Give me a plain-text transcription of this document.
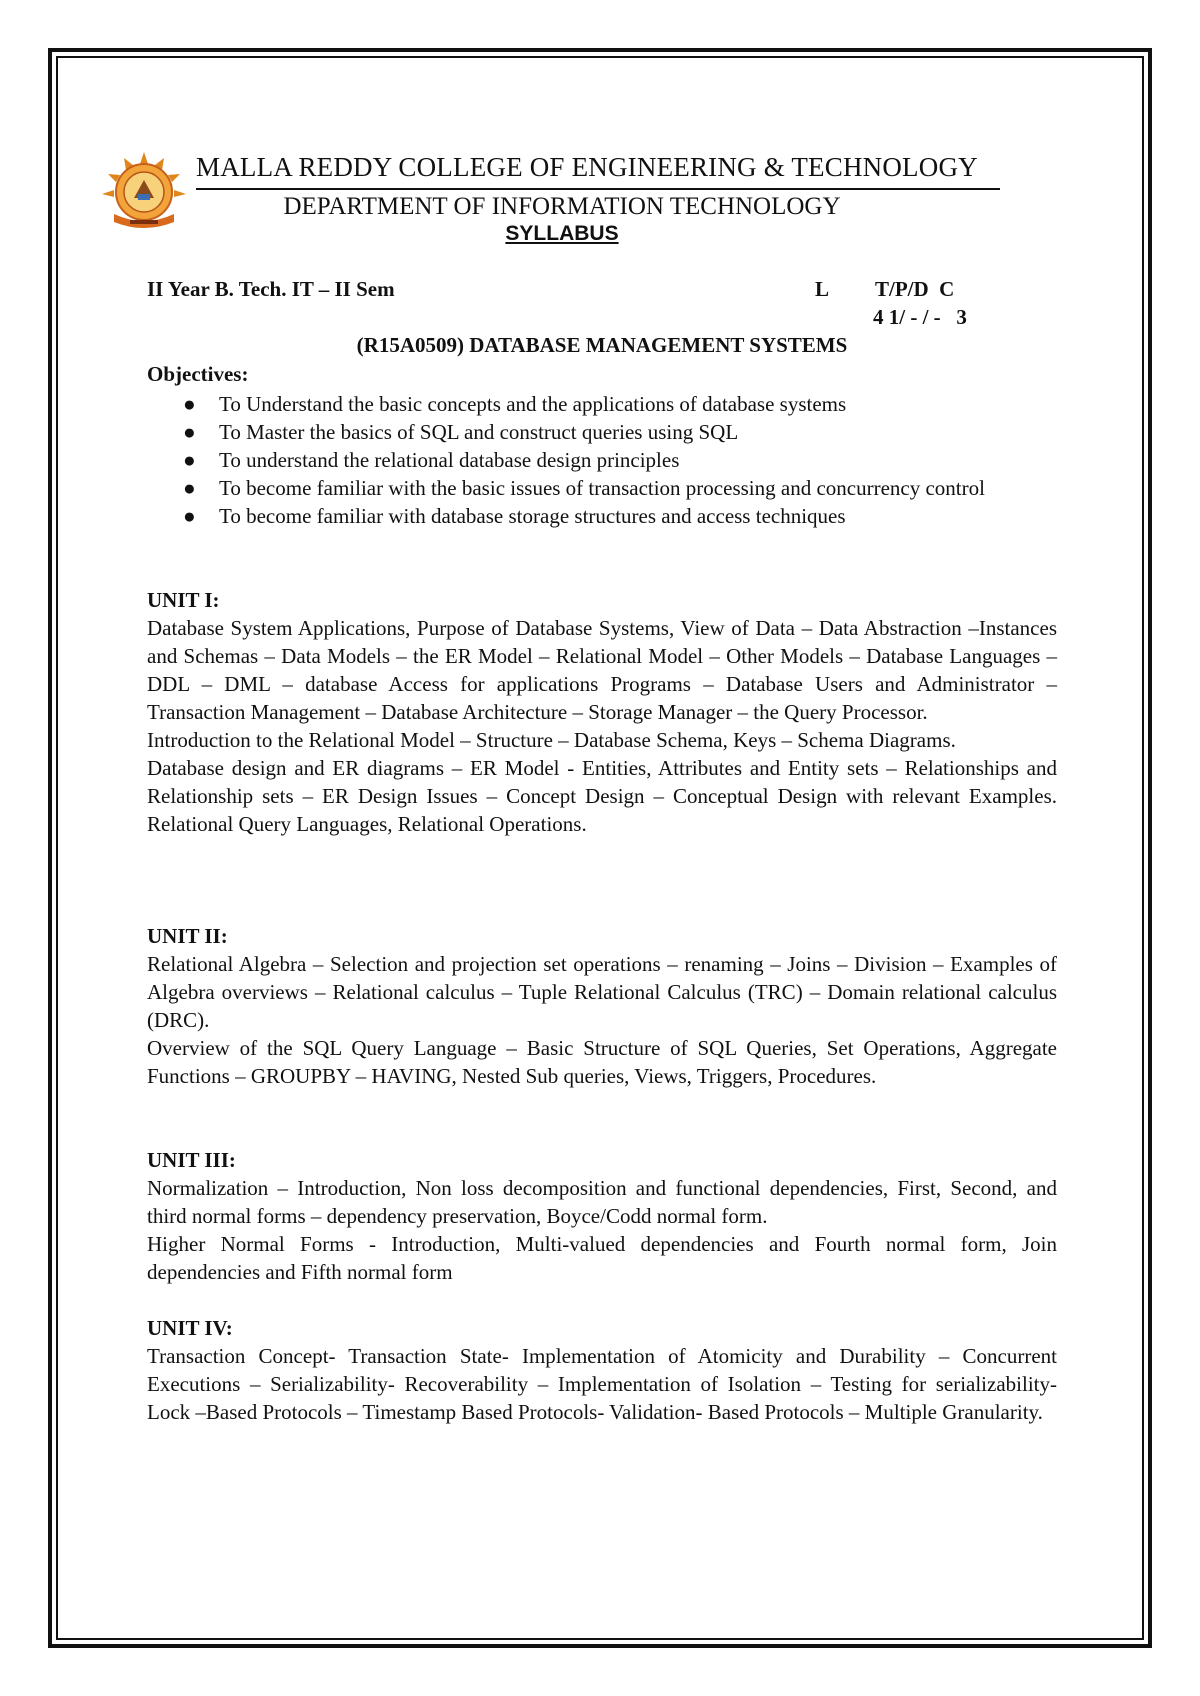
MALLA REDDY COLLEGE OF ENGINEERING & TECHNOLOGY
DEPARTMENT OF INFORMATION TECHNOLOGY
SYLLABUS
II Year B. Tech. IT – II Sem	L T/P/D  C
4 1/ - / -   3
(R15A0509) DATABASE MANAGEMENT SYSTEMS
Objectives:
● To Understand the basic concepts and the applications of database systems
● To Master the basics of SQL and construct queries using SQL
● To understand the relational database design principles
● To become familiar with the basic issues of transaction processing and concurrency control
● To become familiar with database storage structures and access techniques
UNIT I:

Database System Applications, Purpose of Database Systems, View of Data – Data Abstraction –Instances and Schemas – Data Models – the ER Model – Relational Model – Other Models – Database Languages – DDL – DML – database Access for applications Programs – Database Users and Administrator – Transaction Management – Database Architecture – Storage Manager – the Query Processor.

Introduction to the Relational Model – Structure – Database Schema, Keys – Schema Diagrams.

Database design and ER diagrams – ER Model - Entities, Attributes and Entity sets – Relationships and Relationship sets – ER Design Issues – Concept Design – Conceptual Design with relevant Examples. Relational Query Languages, Relational Operations.

UNIT II:

Relational Algebra – Selection and projection set operations – renaming – Joins – Division – Examples of Algebra overviews – Relational calculus – Tuple Relational Calculus (TRC) – Domain relational calculus (DRC).

Overview of the SQL Query Language – Basic Structure of SQL Queries, Set Operations, Aggregate Functions – GROUPBY – HAVING, Nested Sub queries, Views, Triggers, Procedures.

UNIT III:

Normalization – Introduction, Non loss decomposition and functional dependencies, First, Second, and third normal forms – dependency preservation, Boyce/Codd normal form.

Higher Normal Forms - Introduction, Multi-valued dependencies and Fourth normal form, Join dependencies and Fifth normal form

UNIT IV:

Transaction Concept- Transaction State- Implementation of Atomicity and Durability – Concurrent Executions – Serializability- Recoverability – Implementation of Isolation – Testing for serializability- Lock –Based Protocols – Timestamp Based Protocols- Validation- Based Protocols – Multiple Granularity.
